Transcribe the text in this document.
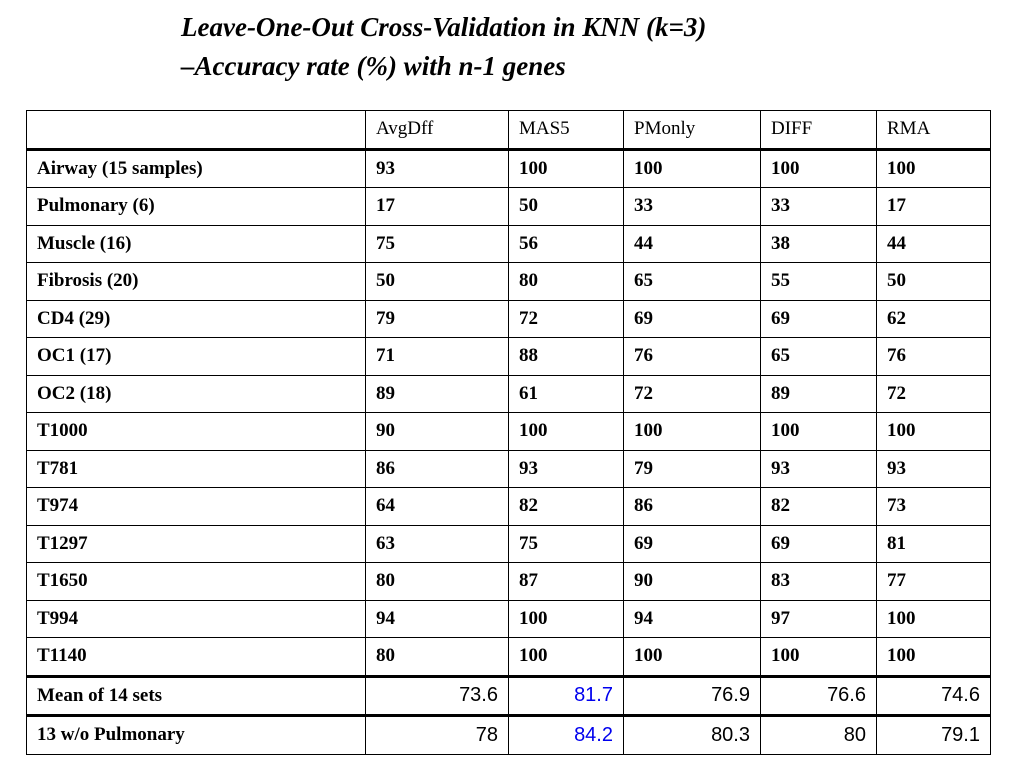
Leave-One-Out Cross-Validation in KNN (k=3)
–Accuracy rate (%) with n-1 genes
	AvgDff	MAS5	PMonly	DIFF	RMA
Airway (15 samples)	93	100	100	100	100
Pulmonary (6)	17	50	33	33	17
Muscle (16)	75	56	44	38	44
Fibrosis (20)	50	80	65	55	50
CD4 (29)	79	72	69	69	62
OC1 (17)	71	88	76	65	76
OC2 (18)	89	61	72	89	72
T1000	90	100	100	100	100
T781	86	93	79	93	93
T974	64	82	86	82	73
T1297	63	75	69	69	81
T1650	80	87	90	83	77
T994	94	100	94	97	100
T1140	80	100	100	100	100
Mean of 14 sets	73.6	81.7	76.9	76.6	74.6
13 w/o Pulmonary	78	84.2	80.3	80	79.1
